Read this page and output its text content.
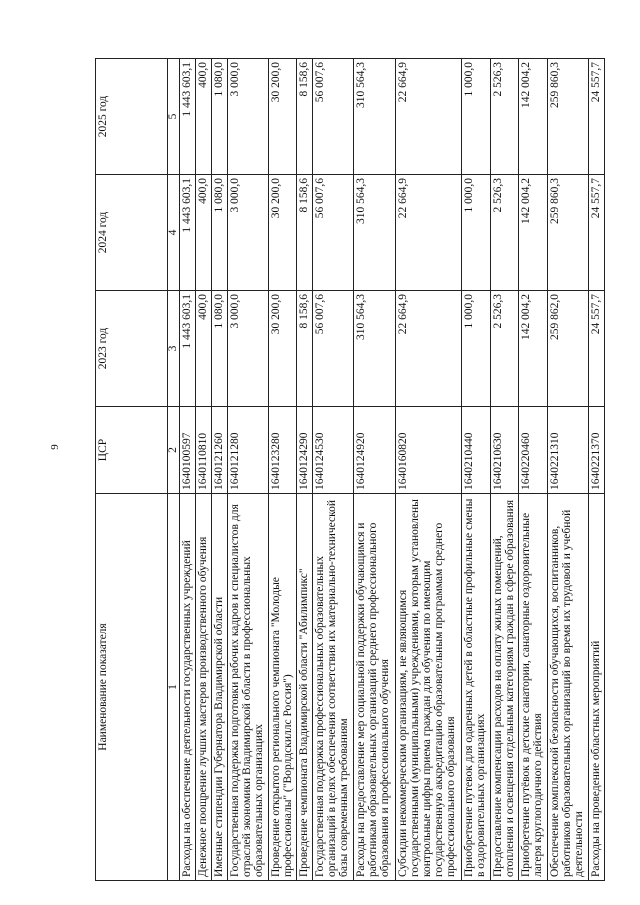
9
Наименование показателя	ЦСР	2023 год	2024 год	2025 год
1	2	3	4	5
Расходы на обеспечение деятельности государственных учреждений	1640100597	1 443 603,1	1 443 603,1	1 443 603,1
Денежное поощрение лучших мастеров производственного обучения	1640110810	400,0	400,0	400,0
Именные стипендии Губернатора Владимирской области	1640121260	1 080,0	1 080,0	1 080,0
Государственная поддержка подготовки рабочих кадров и специалистов для отраслей экономики Владимирской области в профессиональных образовательных организациях	1640121280	3 000,0	3 000,0	3 000,0
Проведение открытого регионального чемпионата "Молодые профессионалы" ("Ворлдскиллс Россия")	1640123280	30 200,0	30 200,0	30 200,0
Проведение чемпионата Владимирской области "Абилимпикс"	1640124290	8 158,6	8 158,6	8 158,6
Государственная поддержка профессиональных образовательных организаций в целях обеспечения соответствия их материально-технической базы современным требованиям	1640124530	56 007,6	56 007,6	56 007,6
Расходы на предоставление мер социальной поддержки обучающимся и работникам образовательных организаций среднего профессионального образования и профессионального обучения	1640124920	310 564,3	310 564,3	310 564,3
Субсидии некоммерческим организациям, не являющимся государственными (муниципальными) учреждениями, которым установлены контрольные цифры приема граждан для обучения по имеющим государственную аккредитацию образовательным программам среднего профессионального образования	1640160820	22 664,9	22 664,9	22 664,9
Приобретение путевок для одаренных детей в областные профильные смены в оздоровительных организациях	1640210440	1 000,0	1 000,0	1 000,0
Предоставление компенсации расходов на оплату жилых помещений, отопления и освещения отдельным категориям граждан в сфере образования	1640210630	2 526,3	2 526,3	2 526,3
Приобретение путёвок в детские санатории, санаторные оздоровительные лагеря круглогодичного действия	1640220460	142 004,2	142 004,2	142 004,2
Обеспечение комплексной безопасности обучающихся, воспитанников, работников образовательных организаций во время их трудовой и учебной деятельности	1640221310	259 862,0	259 860,3	259 860,3
Расходы на проведение областных мероприятий	1640221370	24 557,7	24 557,7	24 557,7
